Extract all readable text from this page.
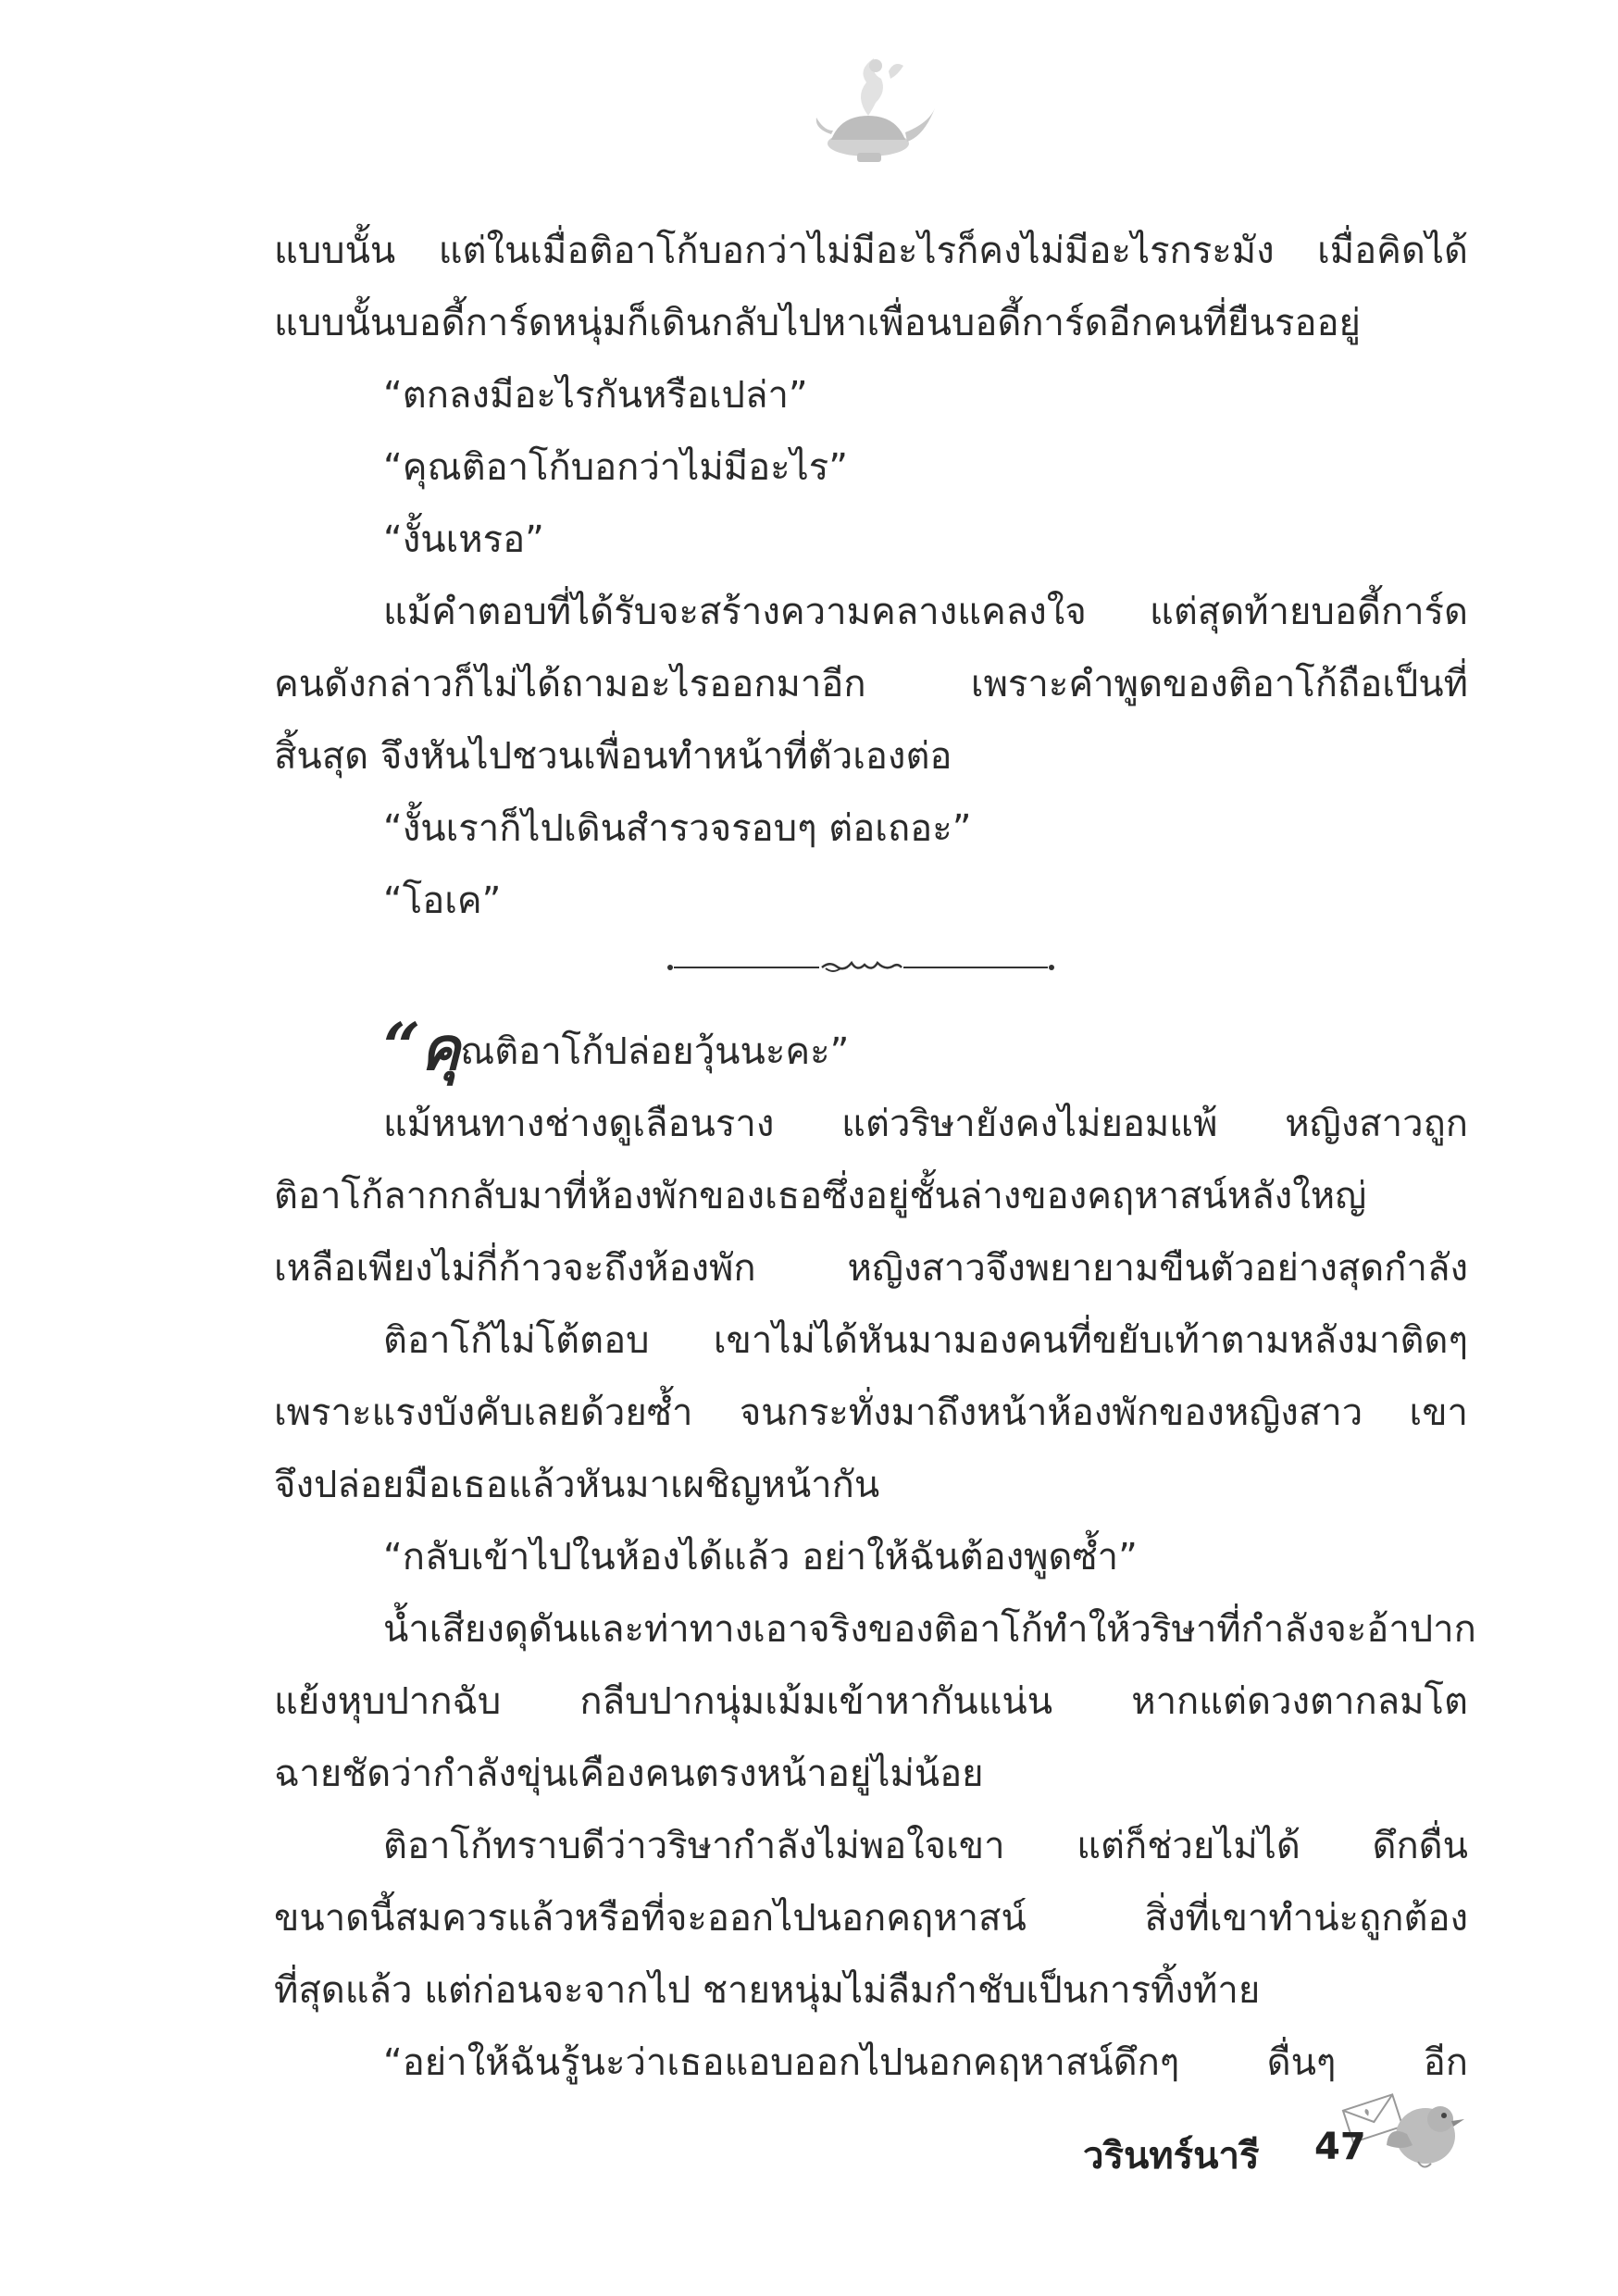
แบบนั้น แต่ในเมื่อติอาโก้บอกว่าไม่มีอะไรก็คงไม่มีอะไรกระมัง เมื่อคิดได้

แบบนั้นบอดี้การ์ดหนุ่มก็เดินกลับไปหาเพื่อนบอดี้การ์ดอีกคนที่ยืนรออยู่

“ตกลงมีอะไรกันหรือเปล่า”

“คุณติอาโก้บอกว่าไม่มีอะไร”

“งั้นเหรอ”

แม้คำตอบที่ได้รับจะสร้างความคลางแคลงใจ แต่สุดท้ายบอดี้การ์ด

คนดังกล่าวก็ไม่ได้ถามอะไรออกมาอีก เพราะคำพูดของติอาโก้ถือเป็นที่

สิ้นสุด จึงหันไปชวนเพื่อนทำหน้าที่ตัวเองต่อ

“งั้นเราก็ไปเดินสำรวจรอบๆ ต่อเถอะ”

“โอเค”

“คุณติอาโก้ปล่อยวุ้นนะคะ”

แม้หนทางช่างดูเลือนราง แต่วริษายังคงไม่ยอมแพ้ หญิงสาวถูก

ติอาโก้ลากกลับมาที่ห้องพักของเธอซึ่งอยู่ชั้นล่างของคฤหาสน์หลังใหญ่

เหลือเพียงไม่กี่ก้าวจะถึงห้องพัก หญิงสาวจึงพยายามขืนตัวอย่างสุดกำลัง

ติอาโก้ไม่โต้ตอบ เขาไม่ได้หันมามองคนที่ขยับเท้าตามหลังมาติดๆ

เพราะแรงบังคับเลยด้วยซ้ำ จนกระทั่งมาถึงหน้าห้องพักของหญิงสาว เขา

จึงปล่อยมือเธอแล้วหันมาเผชิญหน้ากัน

“กลับเข้าไปในห้องได้แล้ว อย่าให้ฉันต้องพูดซ้ำ”

น้ำเสียงดุดันและท่าทางเอาจริงของติอาโก้ทำให้วริษาที่กำลังจะอ้าปาก

แย้งหุบปากฉับ กลีบปากนุ่มเม้มเข้าหากันแน่น หากแต่ดวงตากลมโต

ฉายชัดว่ากำลังขุ่นเคืองคนตรงหน้าอยู่ไม่น้อย

ติอาโก้ทราบดีว่าวริษากำลังไม่พอใจเขา แต่ก็ช่วยไม่ได้ ดึกดื่น

ขนาดนี้สมควรแล้วหรือที่จะออกไปนอกคฤหาสน์ สิ่งที่เขาทำน่ะถูกต้อง

ที่สุดแล้ว แต่ก่อนจะจากไป ชายหนุ่มไม่ลืมกำชับเป็นการทิ้งท้าย

“อย่าให้ฉันรู้นะว่าเธอแอบออกไปนอกคฤหาสน์ดึกๆ ดื่นๆ อีก

วรินทร์นารี 47
